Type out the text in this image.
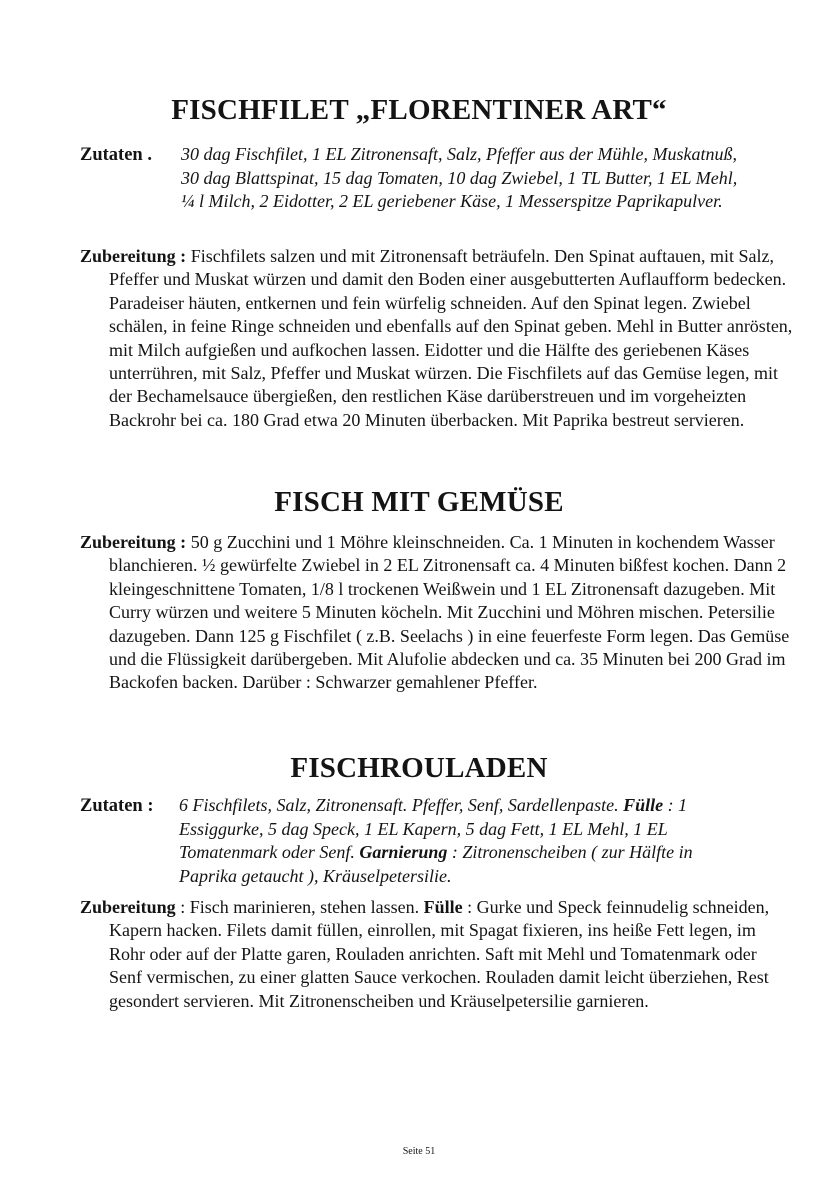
FISCHFILET „FLORENTINER ART“
Zutaten . 30 dag Fischfilet, 1 EL Zitronensaft, Salz, Pfeffer aus der Mühle, Muskatnuß, 30 dag Blattspinat, 15 dag Tomaten, 10 dag Zwiebel, 1 TL Butter, 1 EL Mehl, ¼ l Milch, 2 Eidotter, 2 EL geriebener Käse, 1 Messerspitze Paprikapulver.

Zubereitung : Fischfilets salzen und mit Zitronensaft beträufeln. Den Spinat auftauen, mit Salz, Pfeffer und Muskat würzen und damit den Boden einer ausgebutterten Auflaufform bedecken. Paradeiser häuten, entkernen und fein würfelig schneiden. Auf den Spinat legen. Zwiebel schälen, in feine Ringe schneiden und ebenfalls auf den Spinat geben. Mehl in Butter anrösten, mit Milch aufgießen und aufkochen lassen. Eidotter und die Hälfte des geriebenen Käses unterrühren, mit Salz, Pfeffer und Muskat würzen. Die Fischfilets auf das Gemüse legen, mit der Bechamelsauce übergießen, den restlichen Käse darüberstreuen und im vorgeheizten Backrohr bei ca. 180 Grad etwa 20 Minuten überbacken. Mit Paprika bestreut servieren.

FISCH MIT GEMÜSE

Zubereitung : 50 g Zucchini und 1 Möhre kleinschneiden. Ca. 1 Minuten in kochendem Wasser blanchieren. ½ gewürfelte Zwiebel in 2 EL Zitronensaft ca. 4 Minuten bißfest kochen. Dann 2 kleingeschnittene Tomaten, 1/8 l trockenen Weißwein und 1 EL Zitronensaft dazugeben. Mit Curry würzen und weitere 5 Minuten köcheln. Mit Zucchini und Möhren mischen. Petersilie dazugeben. Dann 125 g Fischfilet ( z.B. Seelachs ) in eine feuerfeste Form legen. Das Gemüse und die Flüssigkeit darübergeben. Mit Alufolie abdecken und ca. 35 Minuten bei 200 Grad im Backofen backen. Darüber : Schwarzer gemahlener Pfeffer.

FISCHROULADEN
Zutaten : 6 Fischfilets, Salz, Zitronensaft. Pfeffer, Senf, Sardellenpaste. Fülle : 1 Essiggurke, 5 dag Speck, 1 EL Kapern, 5 dag Fett, 1 EL Mehl, 1 EL Tomatenmark oder Senf. Garnierung : Zitronenscheiben ( zur Hälfte in Paprika getaucht ), Kräuselpetersilie.

Zubereitung : Fisch marinieren, stehen lassen. Fülle : Gurke und Speck feinnudelig schneiden, Kapern hacken. Filets damit füllen, einrollen, mit Spagat fixieren, ins heiße Fett legen, im Rohr oder auf der Platte garen, Rouladen anrichten. Saft mit Mehl und Tomatenmark oder Senf vermischen, zu einer glatten Sauce verkochen. Rouladen damit leicht überziehen, Rest gesondert servieren. Mit Zitronenscheiben und Kräuselpetersilie garnieren.

Seite 51
